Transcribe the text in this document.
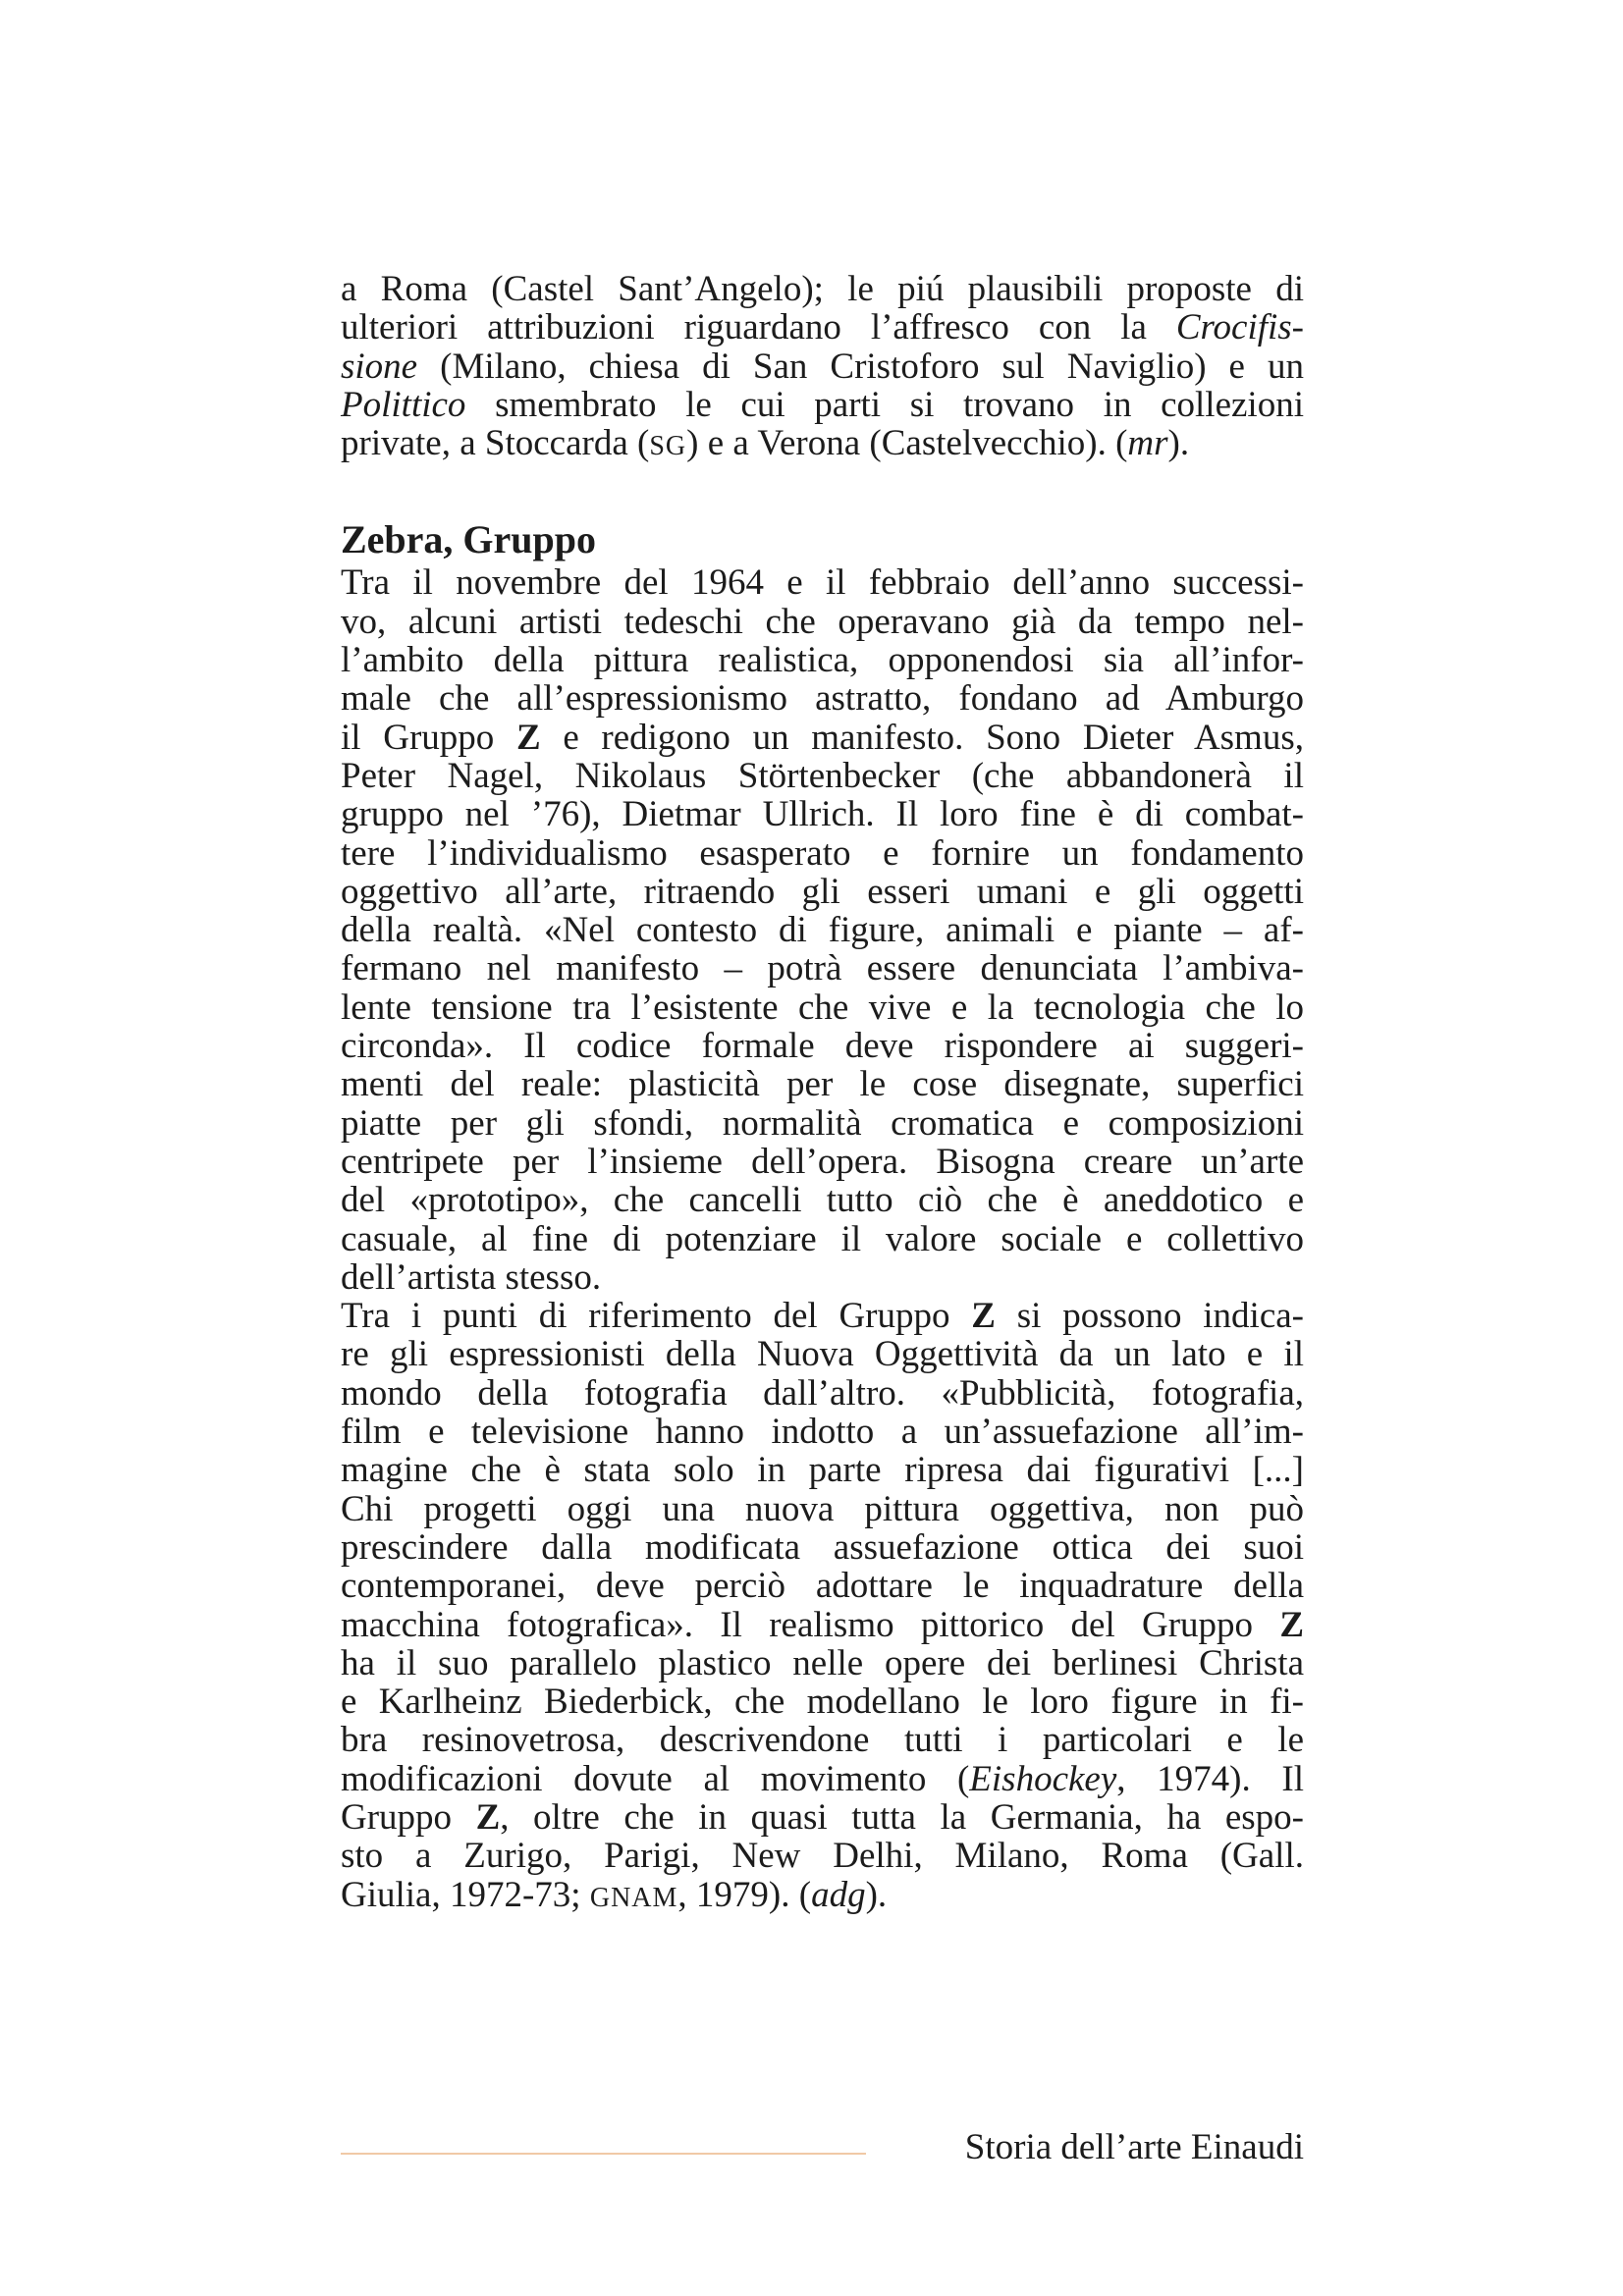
a Roma (Castel Sant’Angelo); le piú plausibili proposte di
ulteriori attribuzioni riguardano l’affresco con la Crocifis-
sione (Milano, chiesa di San Cristoforo sul Naviglio) e un
Polittico smembrato le cui parti si trovano in collezioni
private, a Stoccarda (SG) e a Verona (Castelvecchio). (mr).
Zebra, Gruppo
Tra il novembre del 1964 e il febbraio dell’anno successi-
vo, alcuni artisti tedeschi che operavano già da tempo nel-
l’ambito della pittura realistica, opponendosi sia all’infor-
male che all’espressionismo astratto, fondano ad Amburgo
il Gruppo Z e redigono un manifesto. Sono Dieter Asmus,
Peter Nagel, Nikolaus Störtenbecker (che abbandonerà il
gruppo nel ’76), Dietmar Ullrich. Il loro fine è di combat-
tere l’individualismo esasperato e fornire un fondamento
oggettivo all’arte, ritraendo gli esseri umani e gli oggetti
della realtà. «Nel contesto di figure, animali e piante – af-
fermano nel manifesto – potrà essere denunciata l’ambiva-
lente tensione tra l’esistente che vive e la tecnologia che lo
circonda». Il codice formale deve rispondere ai suggeri-
menti del reale: plasticità per le cose disegnate, superfici
piatte per gli sfondi, normalità cromatica e composizioni
centripete per l’insieme dell’opera. Bisogna creare un’arte
del «prototipo», che cancelli tutto ciò che è aneddotico e
casuale, al fine di potenziare il valore sociale e collettivo
dell’artista stesso.
Tra i punti di riferimento del Gruppo Z si possono indica-
re gli espressionisti della Nuova Oggettività da un lato e il
mondo della fotografia dall’altro. «Pubblicità, fotografia,
film e televisione hanno indotto a un’assuefazione all’im-
magine che è stata solo in parte ripresa dai figurativi [...]
Chi progetti oggi una nuova pittura oggettiva, non può
prescindere dalla modificata assuefazione ottica dei suoi
contemporanei, deve perciò adottare le inquadrature della
macchina fotografica». Il realismo pittorico del Gruppo Z
ha il suo parallelo plastico nelle opere dei berlinesi Christa
e Karlheinz Biederbick, che modellano le loro figure in fi-
bra resinovetrosa, descrivendone tutti i particolari e le
modificazioni dovute al movimento (Eishockey, 1974). Il
Gruppo Z, oltre che in quasi tutta la Germania, ha espo-
sto a Zurigo, Parigi, New Delhi, Milano, Roma (Gall.
Giulia, 1972-73; GNAM, 1979). (adg).
Storia dell’arte Einaudi
